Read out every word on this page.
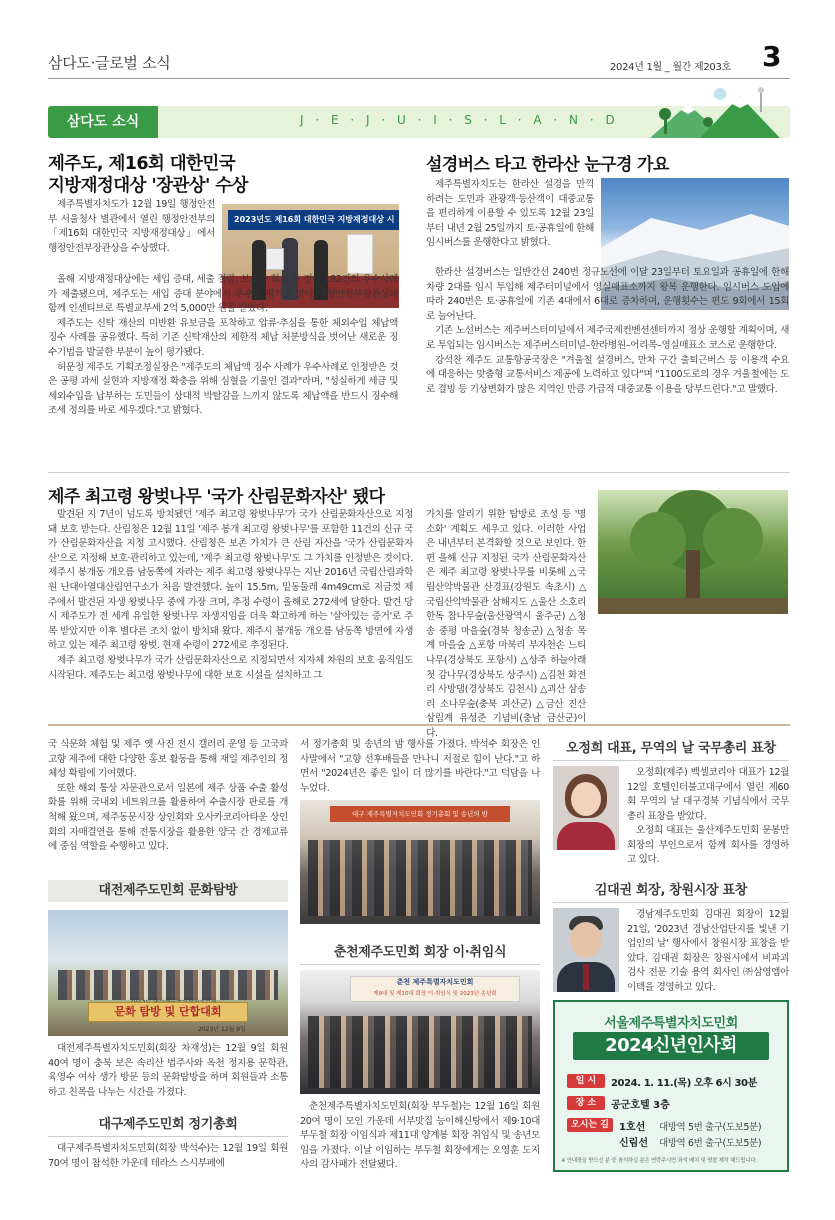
삼다도·글로벌 소식	2024년 1월 _ 월간 제203호 3
삼다도 소식	J · E · J · U · I · S · L · A · N · D
제주도, 제16회 대한민국
지방재정대상 '장관상' 수상

제주특별자치도가 12월 19일 행정안전부 서울청사 별관에서 열린 행정안전부의 「제16회 대한민국 지방재정대상」에서 행정안전부장관상을 수상했다.

2023년도 제16회 대한민국 지방재정대상 시

올해 지방재정대상에는 세입 증대, 세출 절감, 보조금 혁신 등 전국 182건의 우수사례가 제출됐으며, 제주도는 세입 증대 분야에서 우수한 평가를 받아 행정안전부장관상과 함께 인센티브로 특별교부세 2억 5,000만 원을 받았다.

제주도는 신탁 재산의 미반환 유보금을 포착하고 압류·추심을 통한 체외수입 체납액 징수 사례를 공유했다. 특히 기존 신탁재산의 제한적 체납 처분방식을 벗어난 새로운 징수기법을 발굴한 부분이 높이 평가됐다.

허문정 제주도 기획조정실장은 "제주도의 체납액 징수 사례가 우수사례로 인정받은 것은 공평 과세 실현과 지방재정 확충을 위해 심혈을 기울인 결과"라며, "성실하게 세금 및 세외수입을 납부하는 도민들이 상대적 박탈감을 느끼지 않도록 체납액을 반드시 징수해 조세 정의를 바로 세우겠다."고 밝혔다.

설경버스 타고 한라산 눈구경 가요

제주특별자치도는 한라산 설경을 만끽하려는 도민과 관광객·등산객이 대중교통을 편리하게 이용할 수 있도록 12월 23일부터 내년 2월 25일까지 토·공휴일에 한해 임시버스를 운행한다고 밝혔다.

한라산 설경버스는 일반간선 240번 정규노선에 이달 23일부터 토요일과 공휴일에 한해 차량 2대를 임시 투입해 제주터미널에서 영실매표소까지 왕복 운행한다. 임시버스 도입에 따라 240번은 토·공휴일에 기존 4대에서 6대로 증차하며, 운행횟수는 편도 9회에서 15회로 늘어난다.

기존 노선버스는 제주버스터미널에서 제주국제컨벤션센터까지 정상 운행할 계획이며, 새로 투입되는 임시버스는 제주버스터미널–한라병원–어리목–영실매표소 코스로 운행한다.

강석찬 제주도 교통항공국장은 "겨울철 설경버스, 만차 구간 출퇴근버스 등 이용객 수요에 대응하는 맞춤형 교통서비스 제공에 노력하고 있다"며 "1100도로의 경우 겨울철에는 도로 결빙 등 기상변화가 많은 지역인 만큼 가급적 대중교통 이용을 당부드린다."고 말했다.

제주 최고령 왕벚나무 '국가 산림문화자산' 됐다

발견된 지 7년이 넘도록 방치됐던 '제주 최고령 왕벚나무'가 국가 산림문화자산으로 지정돼 보호 받는다. 산림청은 12월 11일 '제주 봉개 최고령 왕벚나무'를 포함한 11건의 신규 국가 산림문화자산을 지정 고시했다. 산림청은 보존 가치가 큰 산림 자산을 '국가 산림문화자산'으로 지정해 보호·관리하고 있는데, '제주 최고령 왕벚나무'도 그 가치를 인정받은 것이다. 제주시 봉개동 개오름 남동쪽에 자라는 제주 최고령 왕벚나무는 지난 2016년 국립산림과학원 난대아열대산림연구소가 처음 발견했다. 높이 15.5m, 밑동둘레 4m49cm로 지금껏 제주에서 발견된 자생 왕벚나무 중에 가장 크며, 추정 수령이 올해로 272세에 달한다. 발견 당시 제주도가 전 세계 유일한 왕벚나무 자생지임을 더욱 확고하게 하는 '살아있는 증거'로 주목 받았지만 이후 별다른 조치 없이 방치돼 왔다. 제주시 봉개동 개오름 남동쪽 방면에 자생하고 있는 제주 최고령 왕벚. 현재 수령이 272세로 추정된다.

제주 최고령 왕벚나무가 국가 산림문화자산으로 지정되면서 지자체 차원의 보호 움직임도 시작된다. 제주도는 최고령 왕벚나무에 대한 보호 시설을 설치하고 그

가치를 알리기 위한 탐방로 조성 등 '명소화' 계획도 세우고 있다. 이러한 사업은 내년부터 본격화할 것으로 보인다. 한편 올해 신규 지정된 국가 산림문화자산은 제주 최고령 왕벚나무를 비롯해 △국립산악박물관 산경표(강원도 속초시) △국립산악박물관 삼해지도 △울산 소호리 한독 참나무숲(울산광역시 울주군) △청송 중평 마을숲(경북 청송군) △청송 목계 마을숲 △포항 마북리 부자천손 느티나무(경상북도 포항시) △상주 하늘아래 첫 감나무(경상북도 상주시) △김천 화전리 사방댐(경상북도 김천시) △괴산 삼송리 소나무숲(충북 괴산군) △금산 진산 삼림계 유성준 기념비(충남 금산군)이다.

국 식문화 체험 및 제주 옛 사진 전시 갤러리 운영 등 고국과 고향 제주에 대한 다양한 홍보 활동을 통해 재일 제주인의 정체성 확립에 기여했다.

또한 해외 통상 자문관으로서 일본에 제주 상품 수출 활성화를 위해 국내외 네트워크를 활용하여 수출시장 판로를 개척해 왔으며, 제주동문시장 상인회와 오사카코리아타운 상인회의 자매결연을 통해 전통시장을 활용한 양국 간 경제교류에 중심 역할을 수행하고 있다.

대전제주도민회 문화탐방
문화 탐방 및 단합대회
2023년 12월 9일

대전제주특별자치도민회(회장 차재성)는 12월 9일 회원 40여 명이 충북 보은 속리산 법주사와 옥천 정지용 문학관, 육영수 여사 생가 방문 등의 문화탐방을 하며 회원들과 소통하고 친목을 나누는 시간을 가졌다.

대구제주도민회 정기총회

대구제주특별자치도민회(회장 박석수)는 12월 19일 회원 70여 명이 참석한 가운데 테라스 스시부페에

서 정기총회 및 송년의 밤 행사를 가졌다. 박석수 회장은 인사말에서 "고향 선후배들을 만나니 저절로 힘이 난다."고 하면서 "2024년은 좋은 일이 더 많기를 바란다."고 덕담을 나누었다.

대구 제주특별자치도민회 정기총회 및 송년의 밤
춘천제주도민회 회장 이·취임식
춘천 제주특별자치도민회
제9대 및 제10대 회장 이·취임식 및 2023년 송년회

춘천제주특별자치도민회(회장 부두철)는 12월 16일 회원 20여 명이 모인 가운데 서부맛집 능이해신탕에서 제9·10대 부두철 회장 이임식과 제11대 양계봉 회장 취임식 및 송년모임을 가졌다. 이날 이임하는 부두철 회장에게는 오영훈 도지사의 감사패가 전달됐다.

오정희 대표, 무역의 날 국무총리 표창

오정희(제주) 벡셀코리아 대표가 12월 12일 호텔인터불고대구에서 열린 제60회 무역의 날 대구경북 기념식에서 국무총리 표창을 받았다.

오정희 대표는 울산제주도민회 문봉만 회장의 부인으로서 함께 회사를 경영하고 있다.

김대권 회장, 창원시장 표창

경남제주도민회 김대권 회장이 12월 21일, '2023년 경남산업단지를 빛낸 기업인의 날' 행사에서 창원시장 표창을 받았다. 김대권 회장은 창원시에서 비파괴검사 전문 기술 용역 회사인 ㈜삼영엠아이텍을 경영하고 있다.

서울제주특별자치도민회
2024신년인사회
일 시	2024. 1. 11.(목) 오후 6시 30분
장 소	공군호텔 3층
오시는 길	1호선 대방역 5번 출구(도보5분)
신림선 대방역 6번 출구(도보5분)
※ 안내장을 받으신 분 중 참석하실 분은 연락주시면 좌석 배치 및 명찰 제작 해드립니다.
